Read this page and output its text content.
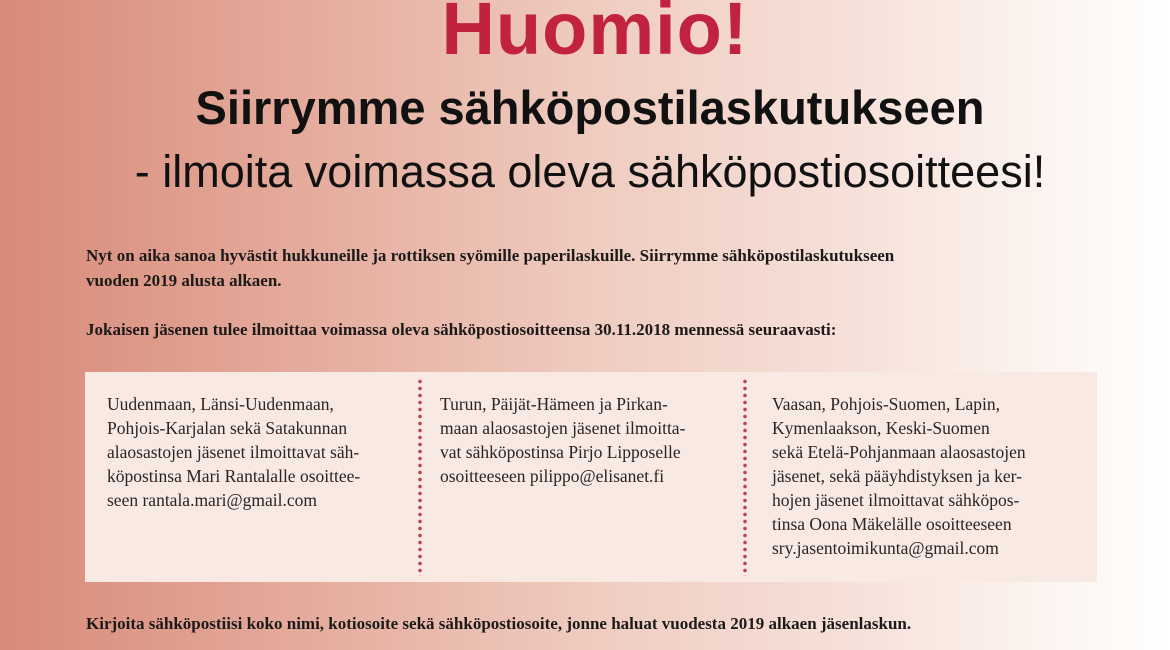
Huomio!
Siirrymme sähköpostilaskutukseen
- ilmoita voimassa oleva sähköpostiosoitteesi!
Nyt on aika sanoa hyvästit hukkuneille ja rottiksen syömille paperilaskuille. Siirrymme sähköpostilaskutukseen
vuoden 2019 alusta alkaen.
Jokaisen jäsenen tulee ilmoittaa voimassa oleva sähköpostiosoitteensa 30.11.2018 mennessä seuraavasti:
Uudenmaan, Länsi-Uudenmaan,
Pohjois-Karjalan sekä Satakunnan
alaosastojen jäsenet ilmoittavat säh-
köpostinsa Mari Rantalalle osoittee-
seen rantala.mari@gmail.com
Turun, Päijät-Hämeen ja Pirkan-
maan alaosastojen jäsenet ilmoitta-
vat sähköpostinsa Pirjo Lipposelle
osoitteeseen pilippo@elisanet.fi
Vaasan, Pohjois-Suomen, Lapin,
Kymenlaakson, Keski-Suomen
sekä Etelä-Pohjanmaan alaosastojen
jäsenet, sekä pääyhdistyksen ja ker-
hojen jäsenet ilmoittavat sähköpos-
tinsa Oona Mäkelälle osoitteeseen
sry.jasentoimikunta@gmail.com
Kirjoita sähköpostiisi koko nimi, kotiosoite sekä sähköpostiosoite, jonne haluat vuodesta 2019 alkaen jäsenlaskun.
